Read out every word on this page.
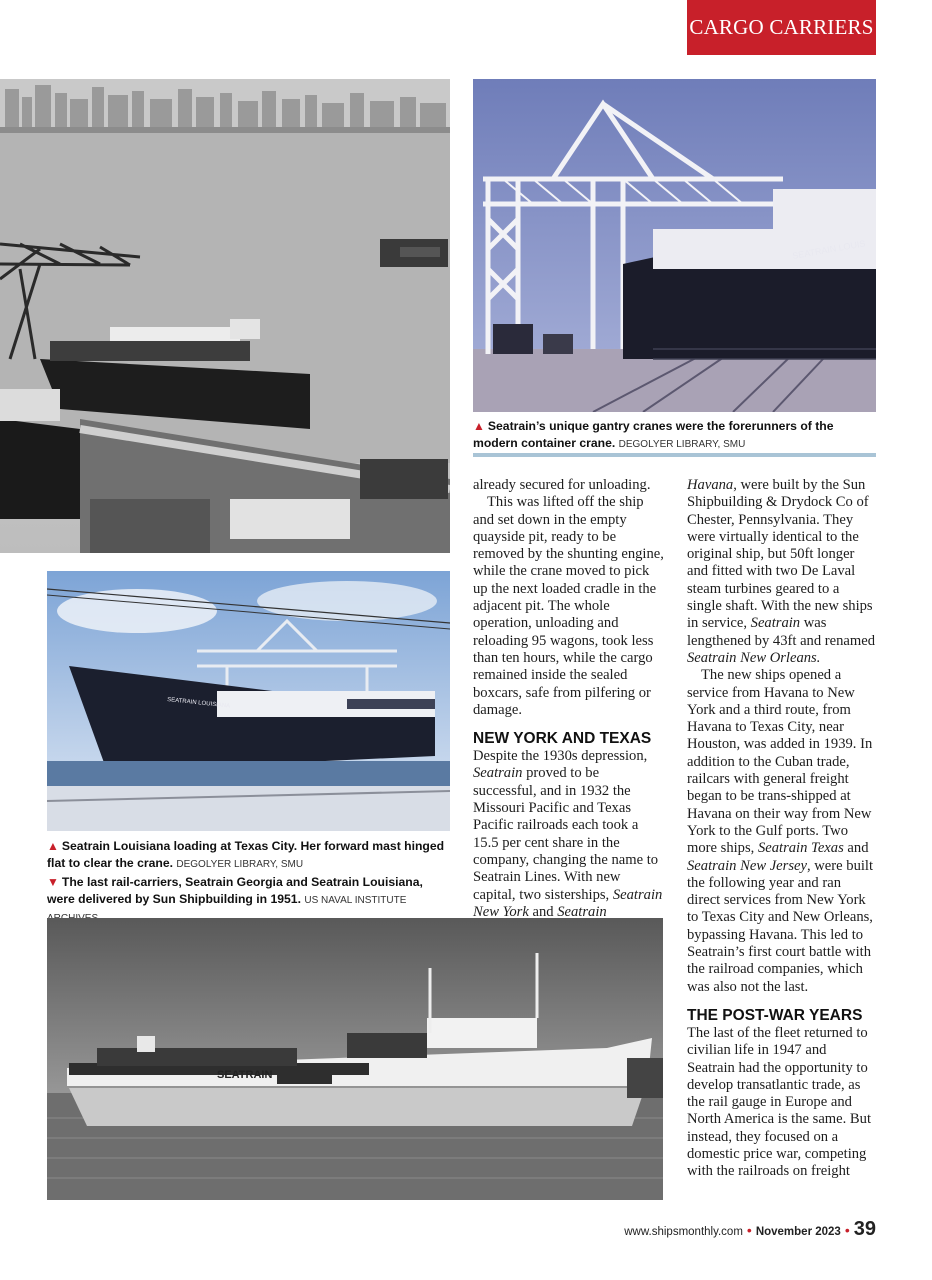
CARGO CARRIERS
SEATRAIN LOUIS
▲ Seatrain’s unique gantry cranes were the forerunners of the modern container crane. DEGOLYER LIBRARY, SMU
SEATRAIN LOUISIANA
▲ Seatrain Louisiana loading at Texas City. Her forward mast hinged flat to clear the crane. DEGOLYER LIBRARY, SMU
▼ The last rail-carriers, Seatrain Georgia and Seatrain Louisiana, were delivered by Sun Shipbuilding in 1951. US NAVAL INSTITUTE
SEATRAIN

already secured for unloading.

This was lifted off the ship and set down in the empty quayside pit, ready to be removed by the shunting engine, while the crane moved to pick up the next loaded cradle in the adjacent pit. The whole operation, unloading and reloading 95 wagons, took less than ten hours, while the cargo remained inside the sealed boxcars, safe from pilfering or damage.

NEW YORK AND TEXAS

Despite the 1930s depression, Seatrain proved to be successful, and in 1932 the Missouri Pacific and Texas Pacific railroads each took a 15.5 per cent share in the company, changing the name to Seatrain Lines. With new capital, two sisterships, Seatrain New York and Seatrain

Havana, were built by the Sun Shipbuilding & Drydock Co of Chester, Pennsylvania. They were virtually identical to the original ship, but 50ft longer and fitted with two De Laval steam turbines geared to a single shaft. With the new ships in service, Seatrain was lengthened by 43ft and renamed Seatrain New Orleans.

The new ships opened a service from Havana to New York and a third route, from Havana to Texas City, near Houston, was added in 1939. In addition to the Cuban trade, railcars with general freight began to be trans-shipped at Havana on their way from New York to the Gulf ports. Two more ships, Seatrain Texas and Seatrain New Jersey, were built the following year and ran direct services from New York to Texas City and New Orleans, bypassing Havana. This led to Seatrain’s first court battle with the railroad companies, which was also not the last.

THE POST-WAR YEARS

The last of the fleet returned to civilian life in 1947 and Seatrain had the opportunity to develop transatlantic trade, as the rail gauge in Europe and North America is the same. But instead, they focused on a domestic price war, competing with the railroads on freight

www.shipsmonthly.com • November 2023 • 39
